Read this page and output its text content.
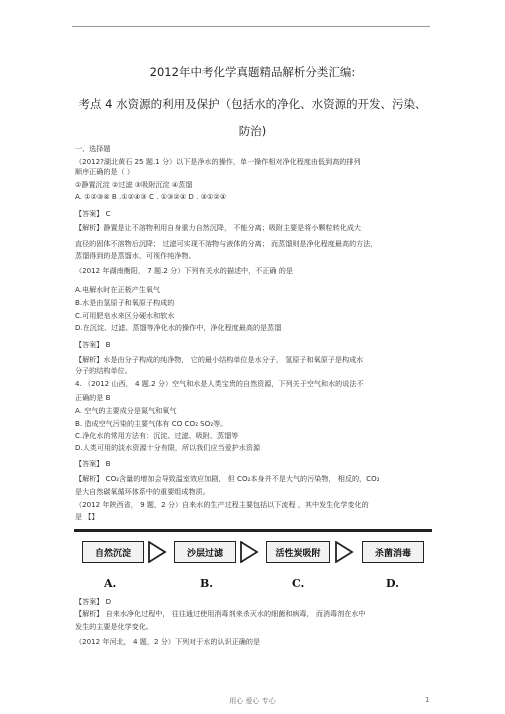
2012年中考化学真题精品解析分类汇编:
考点 4 水资源的利用及保护（包括水的净化、水资源的开发、污染、
防治)
一、选择题
（2012?湖北黄石 25 题.1 分）以下是净水的操作，单一操作相对净化程度由低到高的排列
顺序正确的是（ ）
①静置沉淀 ②过滤 ③吸附沉淀 ④蒸馏
A. ①②③④ B .①②④③ C . ①③②④ D . ③①②④
【答案】 C
【解析】静置是让不溶物利用自身重力自然沉降， 不能分离；吸附主要是将小颗粒转化成大
直径的固体不溶物后沉降； 过滤可实现不溶物与液体的分离； 而蒸馏则是净化程度最高的方法，
蒸馏得到的是蒸馏水，可视作纯净物。
（2012 年湖南衡阳， 7 题.2 分）下列有关水的描述中，不正确 的是
A.电解水时在正极产生氧气
B.水是由氢原子和氧原子构成的
C.可用肥皂水来区分硬水和软水
D.在沉淀、过滤、蒸馏等净化水的操作中，净化程度最高的是蒸馏
【答案】 B
【解析】水是由分子构成的纯净物， 它的最小结构单位是水分子， 氢原子和氧原子是构成水
分子的结构单位。
4. （2012 山西， 4 题.2 分）空气和水是人类宝贵的自然资源，下列关于空气和水的说法不
正确的是 B
A. 空气的主要成分是氮气和氧气
B. 造成空气污染的主要气体有 CO CO₂ SO₂等。
C.净化水的常用方法有：沉淀、过滤、吸附、蒸馏等
D.人类可用的淡水资源十分有限，所以我们应当爱护水资源
【答案】 B
【解析】 CO₂含量的增加会导致温室效应加剧， 但 CO₂本身并不是大气的污染物， 相反的，CO₂
是大自然碳氧循环体系中的重要组成物质。
（2012 年陕西省， 9 题，2 分）自来水的生产过程主要包括以下流程 ，其中发生化学变化的
是 【】
自然沉淀	沙层过滤	活性炭吸附	杀菌消毒
A.	B.	C.	D.
【答案】 D
【解析】 自来水净化过程中， 往往通过使用消毒剂来杀灭水的细菌和病毒， 而消毒剂在水中
发生的主要是化学变化。
（2012 年河北， 4 题，2 分）下列对于水的认识正确的是
用心 爱心 专心	1
